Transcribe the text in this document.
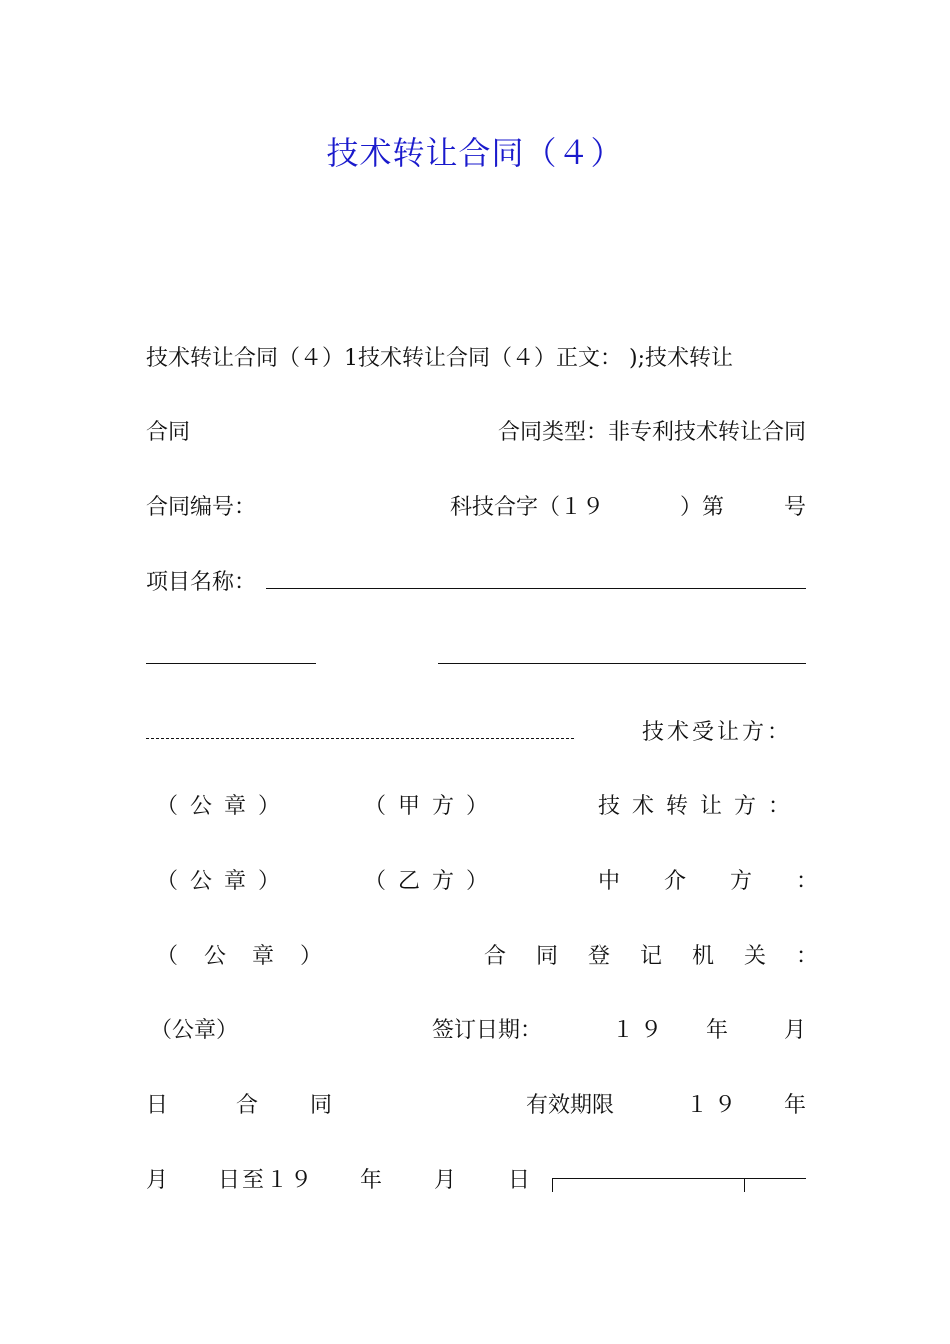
技术转让合同（４）
技术转让合同（４）1技术转让合同（４）正文： );技术转让
合同	合同类型：非专利技术转让合同
合同编号：	科技合字（１９	）第	号
项目名称：
技术受让方：
（公章）	（甲方）	技术转让方：
（公章）	（乙方）	中介方：
（公章）	合同登记机关：
（公章）	签订日期：	１９ 年	月
日	合 同	有效期限	１９ 年
月 日至１９ 年 月 日
